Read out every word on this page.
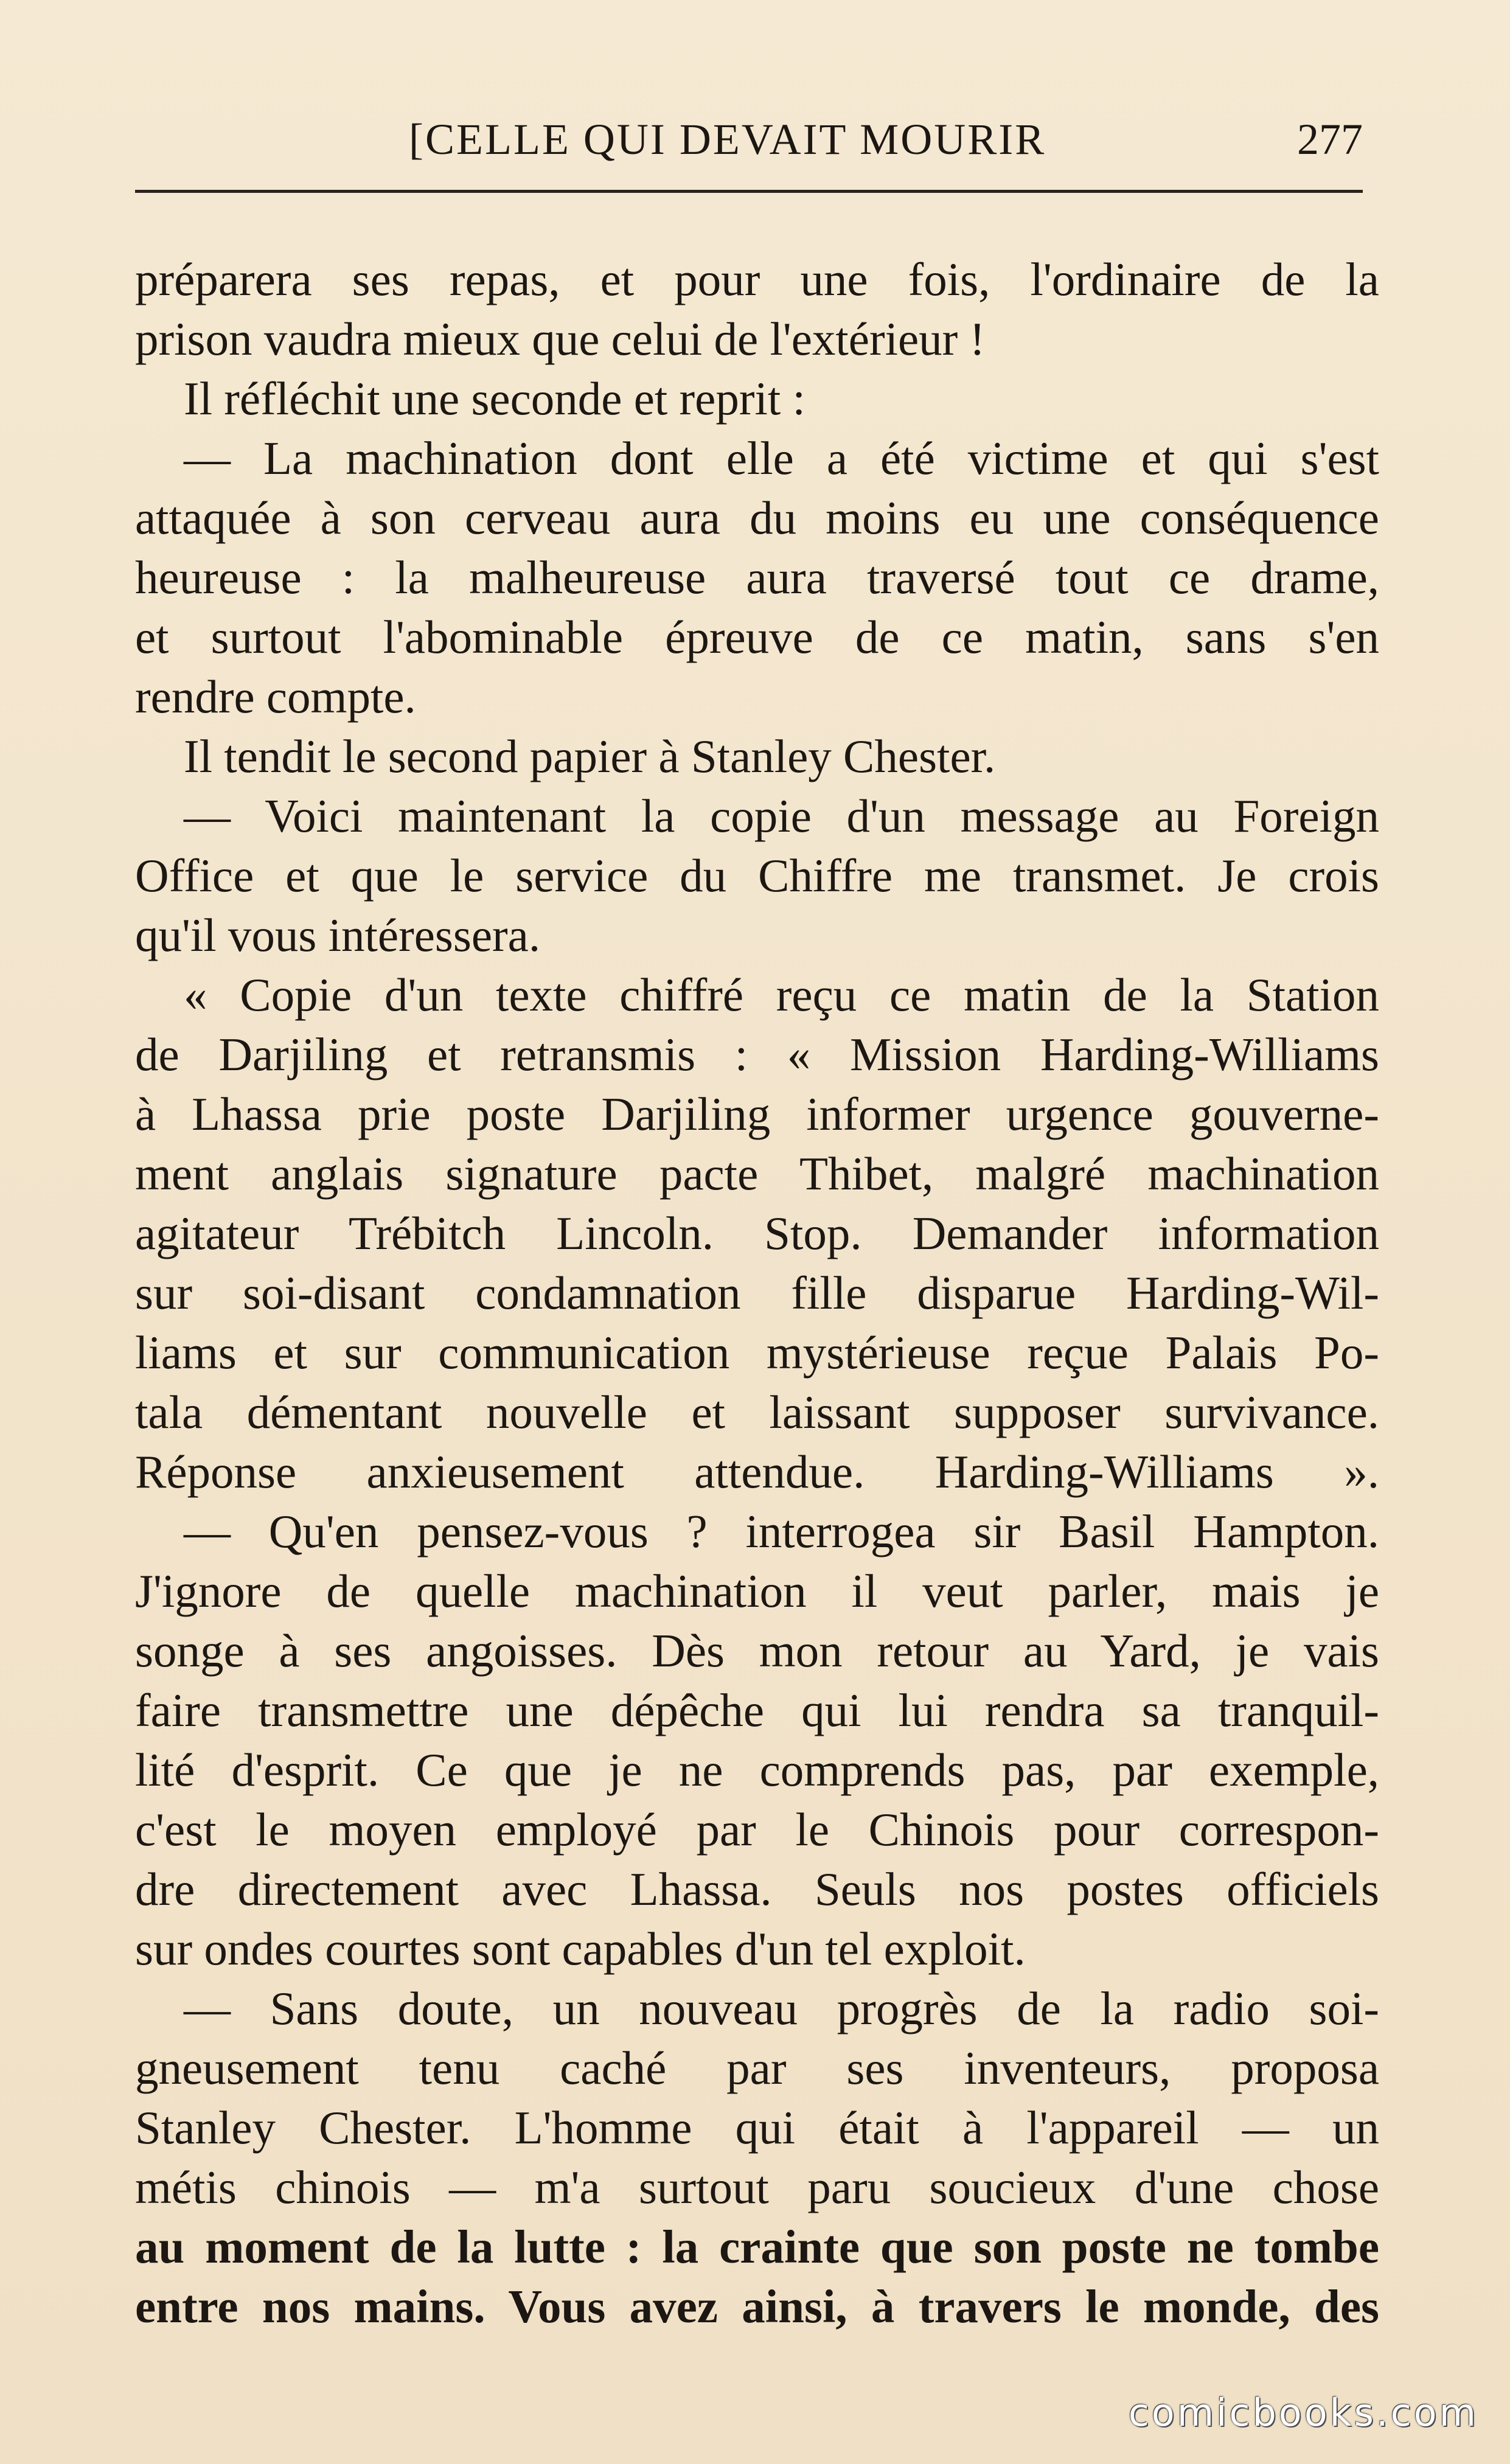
[CELLE QUI DEVAIT MOURIR	277
préparera ses repas, et pour une fois, l'ordinaire de la
prison vaudra mieux que celui de l'extérieur !
Il réfléchit une seconde et reprit :
— La machination dont elle a été victime et qui s'est
attaquée à son cerveau aura du moins eu une conséquence
heureuse : la malheureuse aura traversé tout ce drame,
et surtout l'abominable épreuve de ce matin, sans s'en
rendre compte.
Il tendit le second papier à Stanley Chester.
— Voici maintenant la copie d'un message au Foreign
Office et que le service du Chiffre me transmet. Je crois
qu'il vous intéressera.
« Copie d'un texte chiffré reçu ce matin de la Station
de Darjiling et retransmis : « Mission Harding-Williams
à Lhassa prie poste Darjiling informer urgence gouverne-
ment anglais signature pacte Thibet, malgré machination
agitateur Trébitch Lincoln. Stop. Demander information
sur soi-disant condamnation fille disparue Harding-Wil-
liams et sur communication mystérieuse reçue Palais Po-
tala démentant nouvelle et laissant supposer survivance.
Réponse anxieusement attendue. Harding-Williams ».
— Qu'en pensez-vous ? interrogea sir Basil Hampton.
J'ignore de quelle machination il veut parler, mais je
songe à ses angoisses. Dès mon retour au Yard, je vais
faire transmettre une dépêche qui lui rendra sa tranquil-
lité d'esprit. Ce que je ne comprends pas, par exemple,
c'est le moyen employé par le Chinois pour correspon-
dre directement avec Lhassa. Seuls nos postes officiels
sur ondes courtes sont capables d'un tel exploit.
— Sans doute, un nouveau progrès de la radio soi-
gneusement tenu caché par ses inventeurs, proposa
Stanley Chester. L'homme qui était à l'appareil — un
métis chinois — m'a surtout paru soucieux d'une chose
au moment de la lutte : la crainte que son poste ne tombe
entre nos mains. Vous avez ainsi, à travers le monde, des
comicbooks.com
